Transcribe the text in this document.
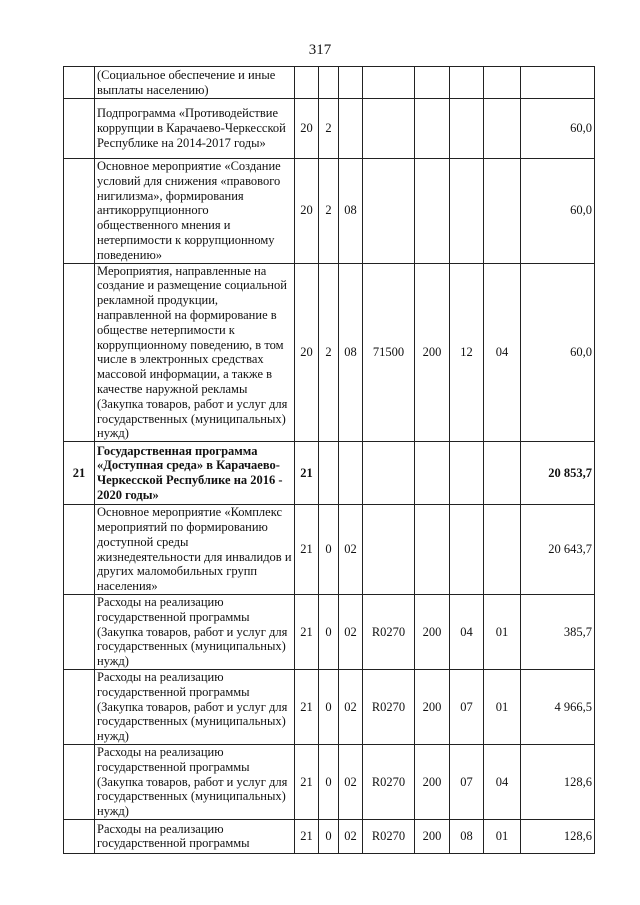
317
	(Социальное обеспечение и иные выплаты населению)								
	Подпрограмма «Противодействие коррупции в Карачаево-Черкесской Республике на 2014-2017 годы»	20	2						60,0
	Основное мероприятие «Создание условий для снижения «правового нигилизма», формирования антикоррупционного общественного мнения и нетерпимости к коррупционному поведению»	20	2	08					60,0
	Мероприятия, направленные на создание и размещение социальной рекламной продукции, направленной на формирование в обществе нетерпимости к коррупционному поведению, в том числе в электронных средствах массовой информации, а также в качестве наружной рекламы (Закупка товаров, работ и услуг для государственных (муниципальных) нужд)	20	2	08	71500	200	12	04	60,0
21	Государственная программа «Доступная среда» в Карачаево-Черкесской Республике на 2016 - 2020 годы»	21							20 853,7
	Основное мероприятие «Комплекс мероприятий по формированию доступной среды жизнедеятельности для инвалидов и других маломобильных групп населения»	21	0	02					20 643,7
	Расходы на реализацию государственной программы (Закупка товаров, работ и услуг для государственных (муниципальных) нужд)	21	0	02	R0270	200	04	01	385,7
	Расходы на реализацию государственной программы (Закупка товаров, работ и услуг для государственных (муниципальных) нужд)	21	0	02	R0270	200	07	01	4 966,5
	Расходы на реализацию государственной программы (Закупка товаров, работ и услуг для государственных (муниципальных) нужд)	21	0	02	R0270	200	07	04	128,6
	Расходы на реализацию государственной программы	21	0	02	R0270	200	08	01	128,6
